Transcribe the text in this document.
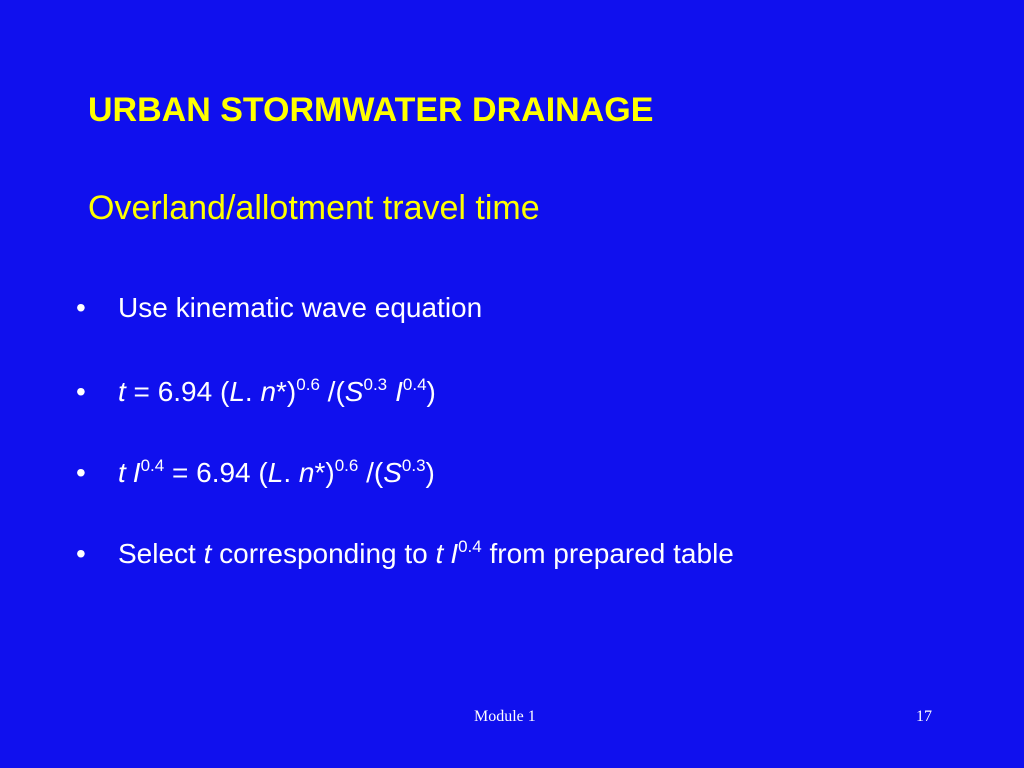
URBAN STORMWATER DRAINAGE
Overland/allotment travel time
• Use kinematic wave equation
• t = 6.94 (L. n*)$^{0.6}$ $/(S^{0.3}$ $I^{0.4}$)
• t $I^{0.4} = 6.94$ (L. n*)$^{0.6}$ $/(S^{0.3})$
• Select t corresponding to t $I^{0.4}$ from prepared table
Module 1	17
